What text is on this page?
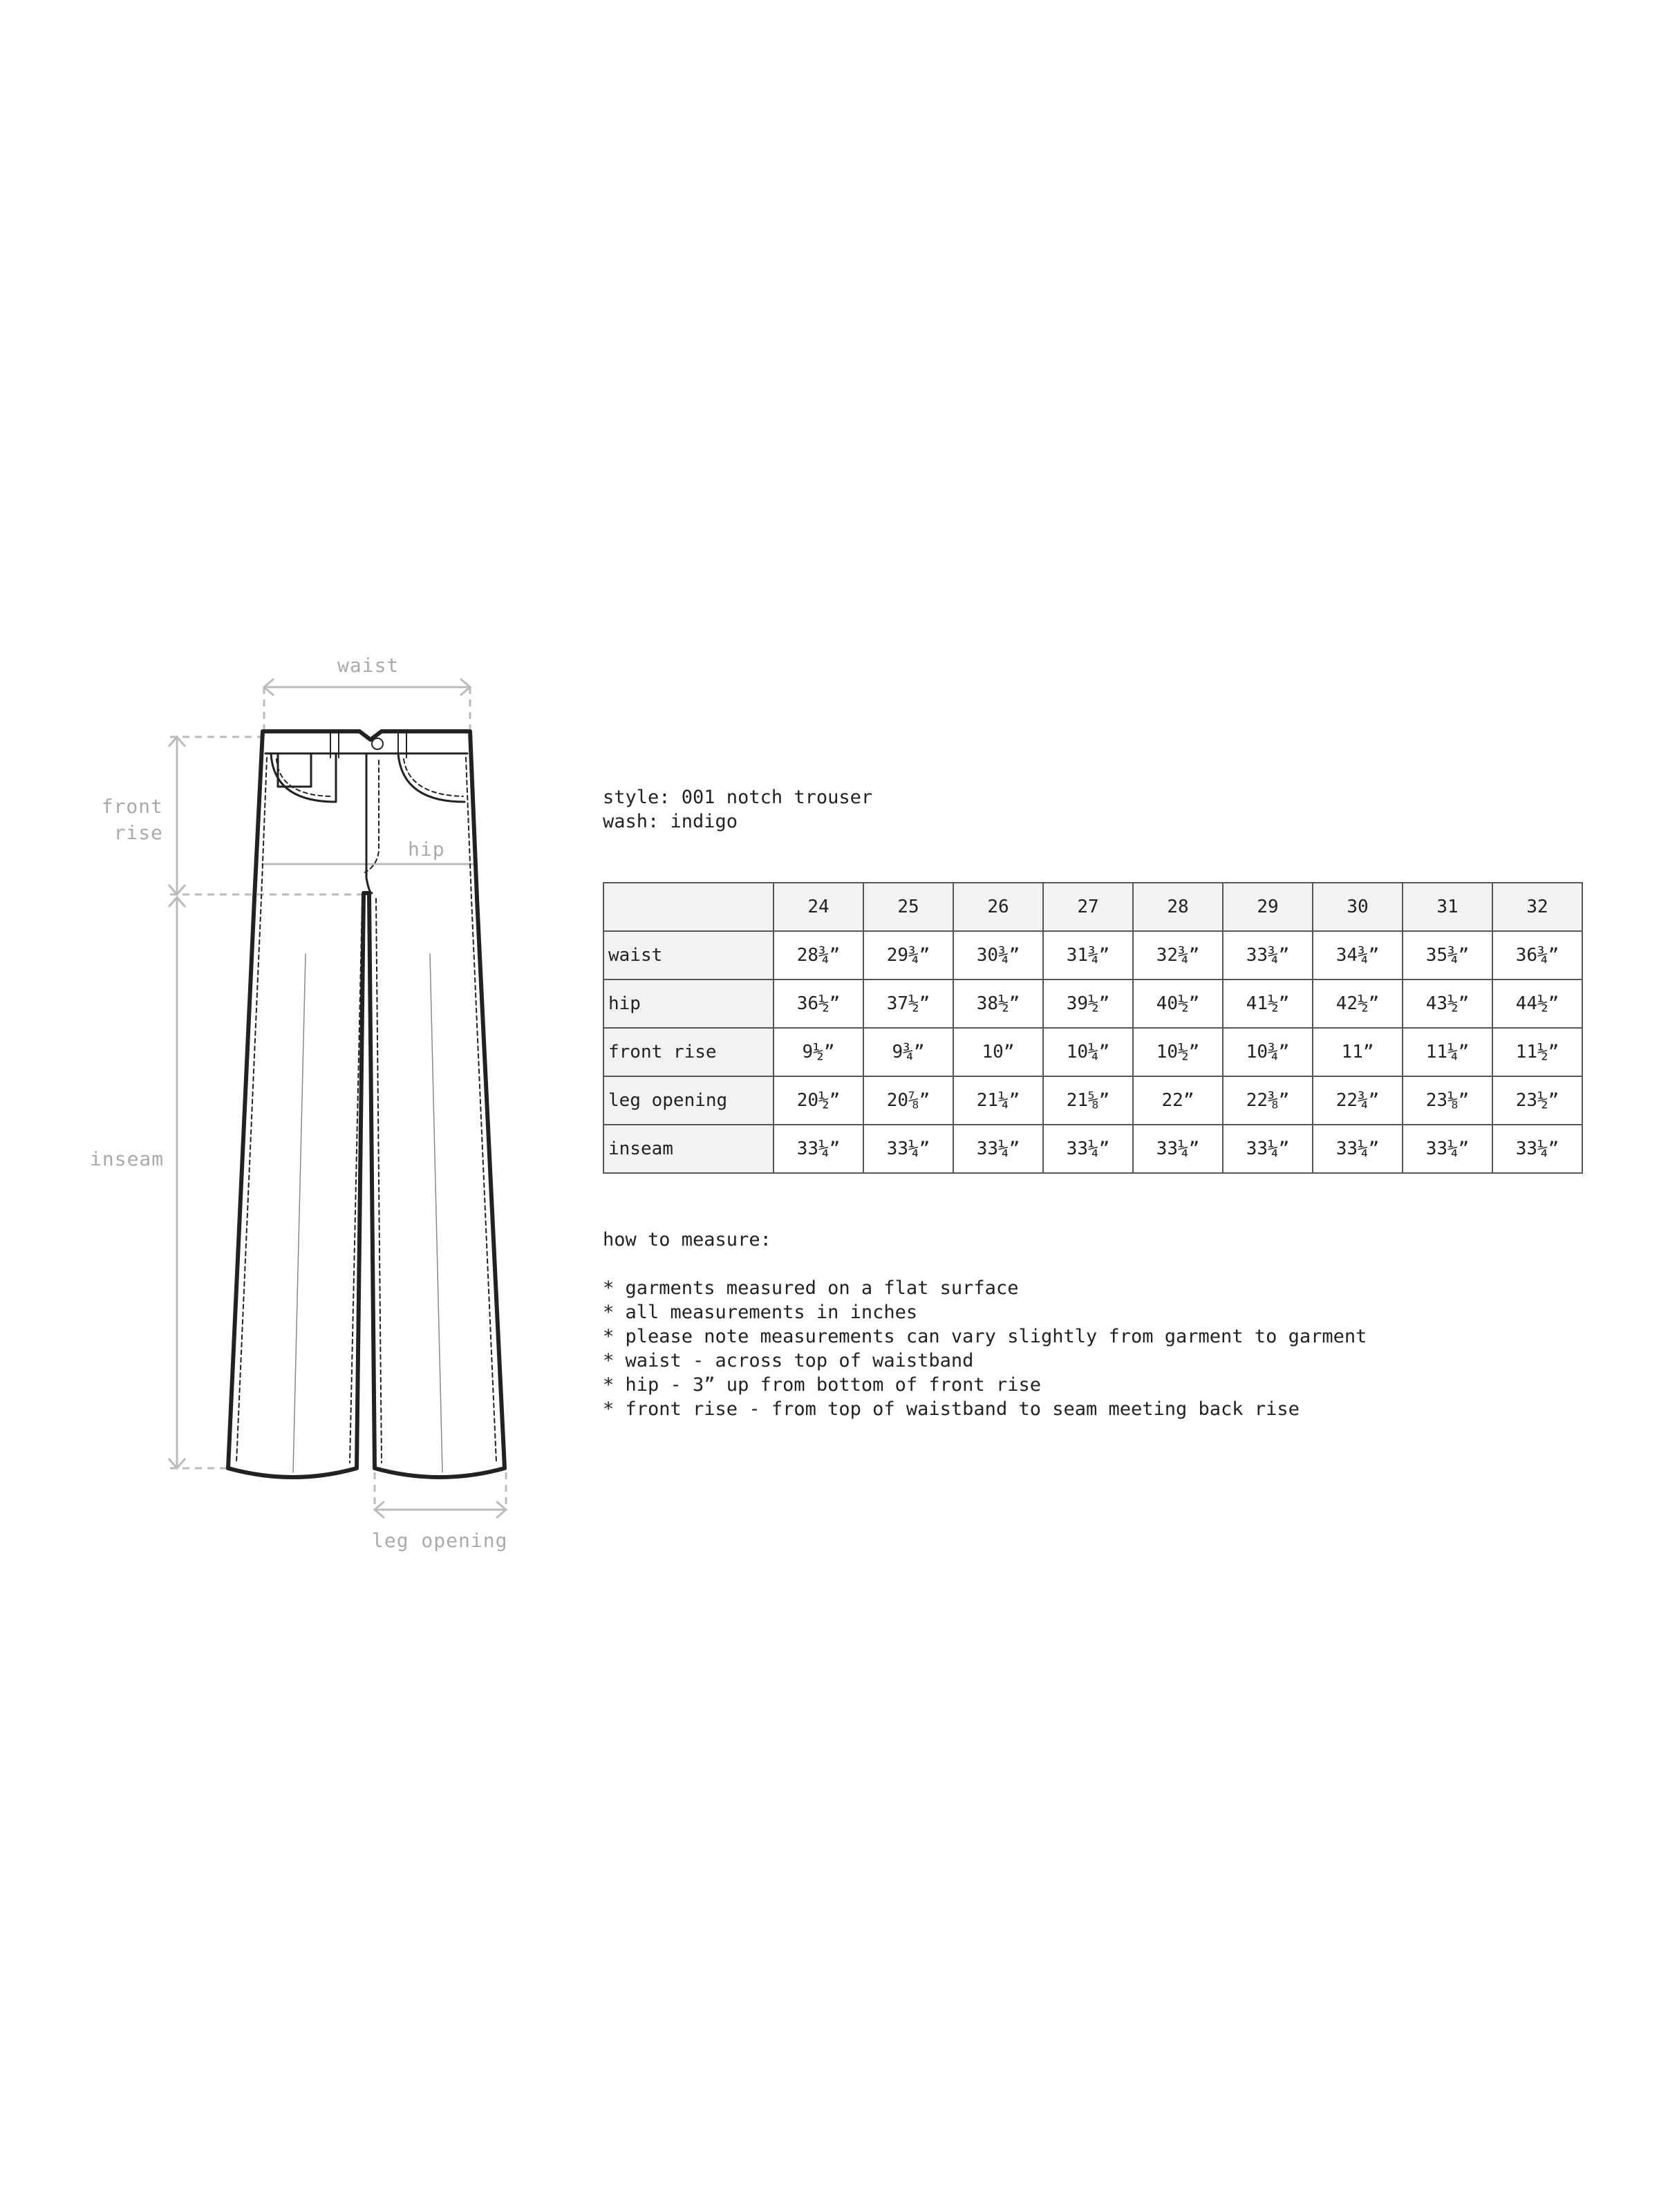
waist
front
rise
hip
inseam
leg opening
style: 001 notch trouser
wash: indigo
	24	25	26	27	28	29	30	31	32
waist	28¾”	29¾”	30¾”	31¾”	32¾”	33¾”	34¾”	35¾”	36¾”
hip	36½”	37½”	38½”	39½”	40½”	41½”	42½”	43½”	44½”
front rise	9½”	9¾”	10”	10¼”	10½”	10¾”	11”	11¼”	11½”
leg opening	20½”	20⅞”	21¼”	21⅝”	22”	22⅜”	22¾”	23⅛”	23½”
inseam	33¼”	33¼”	33¼”	33¼”	33¼”	33¼”	33¼”	33¼”	33¼”
how to measure:
* garments measured on a flat surface
* all measurements in inches
* please note measurements can vary slightly from garment to garment
* waist - across top of waistband
* hip - 3” up from bottom of front rise
* front rise - from top of waistband to seam meeting back rise
